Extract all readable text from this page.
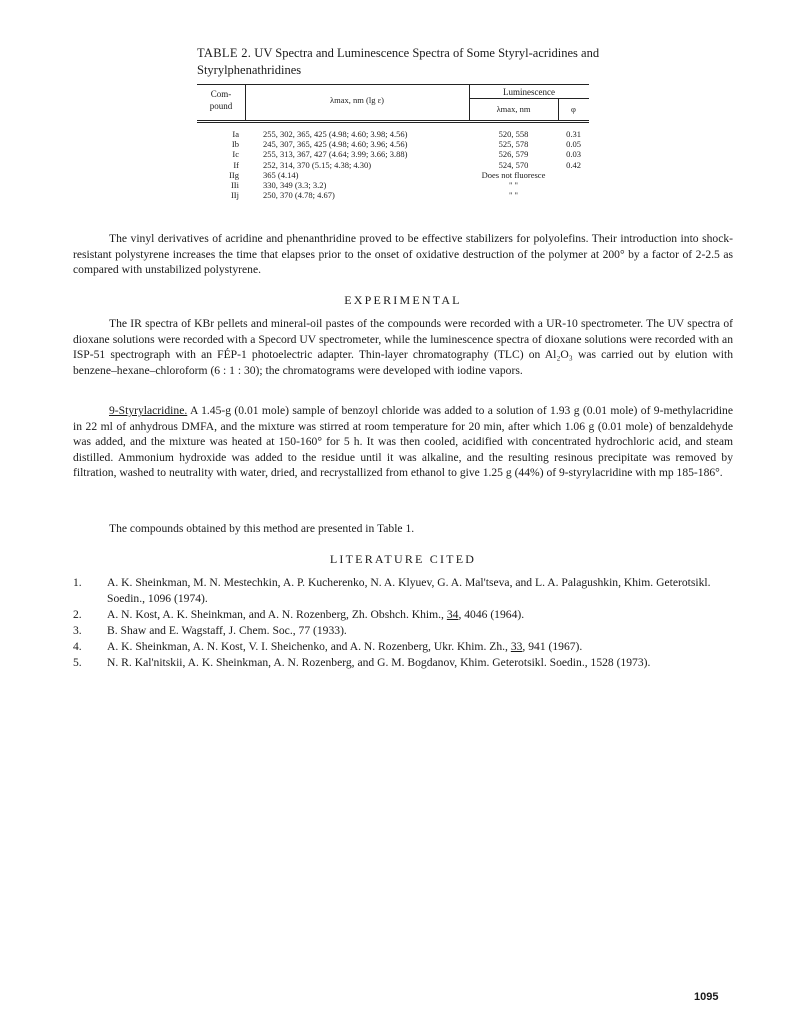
TABLE 2. UV Spectra and Luminescence Spectra of Some Styryl-acridines and Styrylphenathridines
Com-
pound
λmax, nm (lg ε)
Luminescence
λmax, nm	φ
Ia	255, 302, 365, 425 (4.98; 4.60; 3.98; 4.56)	520, 558	0.31
Ib	245, 307, 365, 425 (4.98; 4.60; 3.96; 4.56)	525, 578	0.05
Ic	255, 313, 367, 427 (4.64; 3.99; 3.66; 3.88)	526, 579	0.03
If	252, 314, 370 (5.15; 4.38; 4.30)	524, 570	0.42
IIg	365 (4.14)	Does not fluoresce
IIi	330, 349 (3.3; 3.2)	" "
IIj	250, 370 (4.78; 4.67)	" "
The vinyl derivatives of acridine and phenanthridine proved to be effective stabilizers for polyolefins. Their introduction into shock-resistant polystyrene increases the time that elapses prior to the onset of oxidative destruction of the polymer at 200° by a factor of 2-2.5 as compared with unstabilized polystyrene.
EXPERIMENTAL
The IR spectra of KBr pellets and mineral-oil pastes of the compounds were recorded with a UR-10 spectrometer. The UV spectra of dioxane solutions were recorded with a Specord UV spectrometer, while the luminescence spectra of dioxane solutions were recorded with an ISP-51 spectrograph with an FÉP-1 photoelectric adapter. Thin-layer chromatography (TLC) on Al₂O₃ was carried out by elution with benzene–hexane–chloroform (6 : 1 : 30); the chromatograms were developed with iodine vapors.
9-Styrylacridine. A 1.45-g (0.01 mole) sample of benzoyl chloride was added to a solution of 1.93 g (0.01 mole) of 9-methylacridine in 22 ml of anhydrous DMFA, and the mixture was stirred at room temperature for 20 min, after which 1.06 g (0.01 mole) of benzaldehyde was added, and the mixture was heated at 150-160° for 5 h. It was then cooled, acidified with concentrated hydrochloric acid, and steam distilled. Ammonium hydroxide was added to the residue until it was alkaline, and the resulting resinous precipitate was removed by filtration, washed to neutrality with water, dried, and recrystallized from ethanol to give 1.25 g (44%) of 9-styrylacridine with mp 185-186°.
The compounds obtained by this method are presented in Table 1.
LITERATURE CITED
1. A. K. Sheinkman, M. N. Mestechkin, A. P. Kucherenko, N. A. Klyuev, G. A. Mal'tseva, and L. A. Palagushkin, Khim. Geterotsikl. Soedin., 1096 (1974).
2. A. N. Kost, A. K. Sheinkman, and A. N. Rozenberg, Zh. Obshch. Khim., 34, 4046 (1964).
3. B. Shaw and E. Wagstaff, J. Chem. Soc., 77 (1933).
4. A. K. Sheinkman, A. N. Kost, V. I. Sheichenko, and A. N. Rozenberg, Ukr. Khim. Zh., 33, 941 (1967).
5. N. R. Kal'nitskii, A. K. Sheinkman, A. N. Rozenberg, and G. M. Bogdanov, Khim. Geterotsikl. Soedin., 1528 (1973).
1095
